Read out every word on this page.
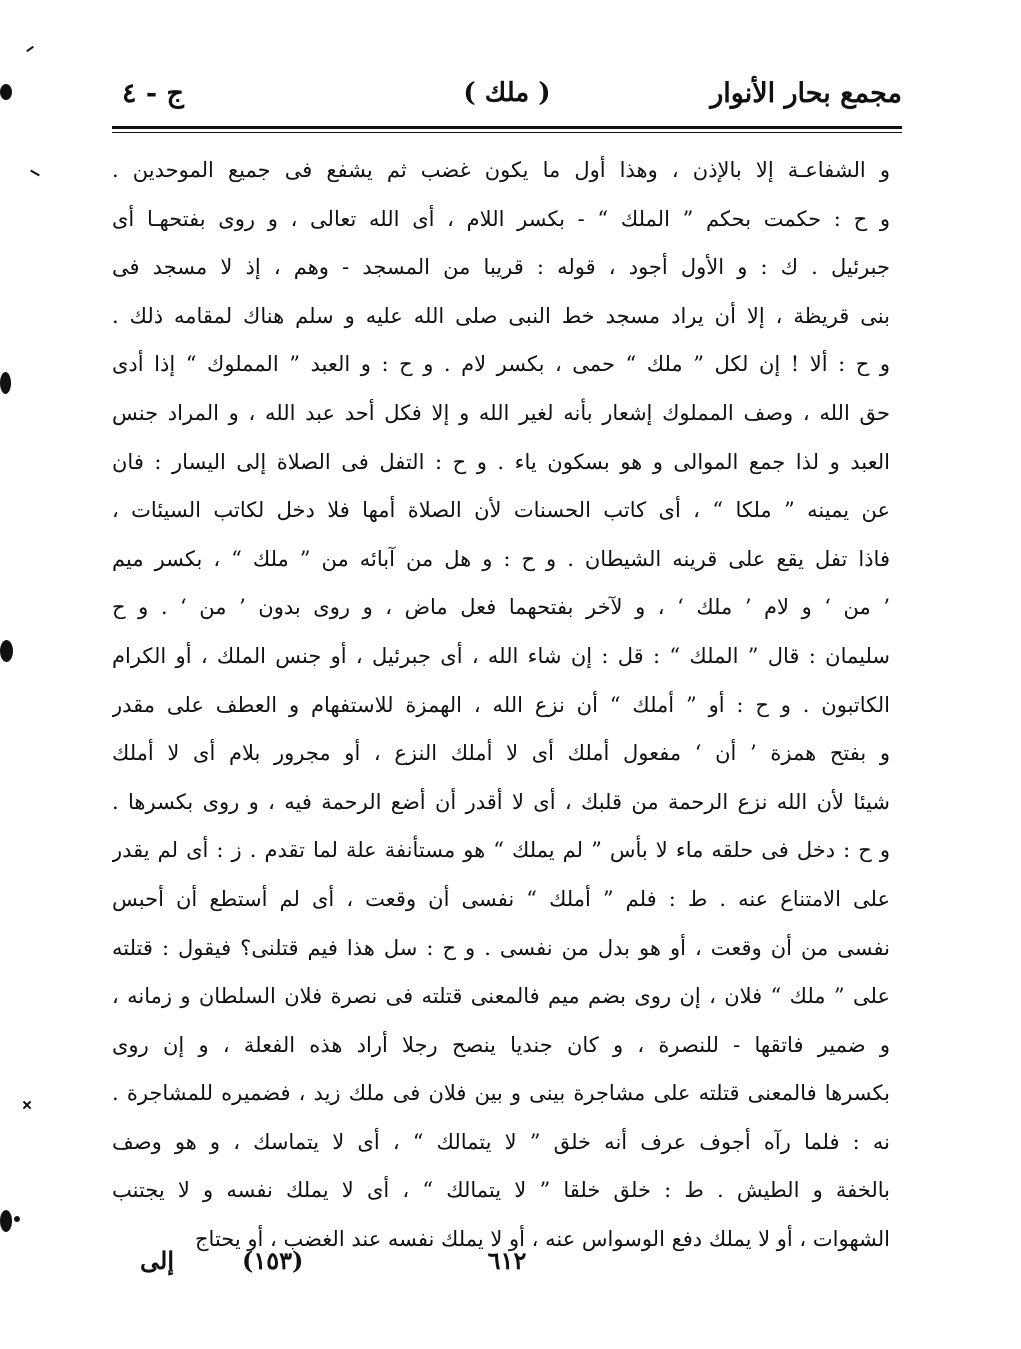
مجمع بحار الأنوار
( ملك )
ج - ٤
و الشفاعـة إلا بالإذن ، وهذا أول ما يكون غضب ثم يشفع فى جميع الموحدين .
و ح : حكمت بحكم ” الملك “ - بكسر اللام ، أى الله تعالى ، و روى بفتحهـا أى
جبرئيل . ك : و الأول أجود ، قوله : قريبا من المسجد - وهم ، إذ لا مسجد فى
بنى قريظة ، إلا أن يراد مسجد خط النبى صلى الله عليه و سلم هناك لمقامه ذلك .
و ح : ألا ! إن لكل ” ملك “ حمى ، بكسر لام . و ح : و العبد ” المملوك “ إذا أدى
حق الله ، وصف المملوك إشعار بأنه لغير الله و إلا فكل أحد عبد الله ، و المراد جنس
العبد و لذا جمع الموالى و هو بسكون ياء . و ح : التفل فى الصلاة إلى اليسار : فان
عن يمينه ” ملكا “ ، أى كاتب الحسنات لأن الصلاة أمها فلا دخل لكاتب السيئات ،
فاذا تفل يقع على قرينه الشيطان . و ح : و هل من آبائه من ” ملك “ ، بكسر ميم
’ من ‘ و لام ’ ملك ‘ ، و لآخر بفتحهما فعل ماض ، و روى بدون ’ من ‘ . و ح
سليمان : قال ” الملك “ : قل : إن شاء الله ، أى جبرئيل ، أو جنس الملك ، أو الكرام
الكاتبون . و ح : أو ” أملك “ أن نزع الله ، الهمزة للاستفهام و العطف على مقدر
و بفتح همزة ’ أن ‘ مفعول أملك أى لا أملك النزع ، أو مجرور بلام أى لا أملك
شيئا لأن الله نزع الرحمة من قلبك ، أى لا أقدر أن أضع الرحمة فيه ، و روى بكسرها .
و ح : دخل فى حلقه ماء لا بأس ” لم يملك “ هو مستأنفة علة لما تقدم . ز : أى لم يقدر
على الامتناع عنه . ط : فلم ” أملك “ نفسى أن وقعت ، أى لم أستطع أن أحبس
نفسى من أن وقعت ، أو هو بدل من نفسى . و ح : سل هذا فيم قتلنى؟ فيقول : قتلته
على ” ملك “ فلان ، إن روى بضم ميم فالمعنى قتلته فى نصرة فلان السلطان و زمانه ،
و ضمير فاتقها - للنصرة ، و كان جنديا ينصح رجلا أراد هذه الفعلة ، و إن روى
بكسرها فالمعنى قتلته على مشاجرة بينى و بين فلان فى ملك زيد ، فضميره للمشاجرة .
نه : فلما رآه أجوف عرف أنه خلق ” لا يتمالك “ ، أى لا يتماسك ، و هو وصف
بالخفة و الطيش . ط : خلق خلقا ” لا يتمالك “ ، أى لا يملك نفسه و لا يجتنب
الشهوات ، أو لا يملك دفع الوسواس عنه ، أو لا يملك نفسه عند الغضب ، أو يحتاج
٦١٢
(١٥٣)
إلى
